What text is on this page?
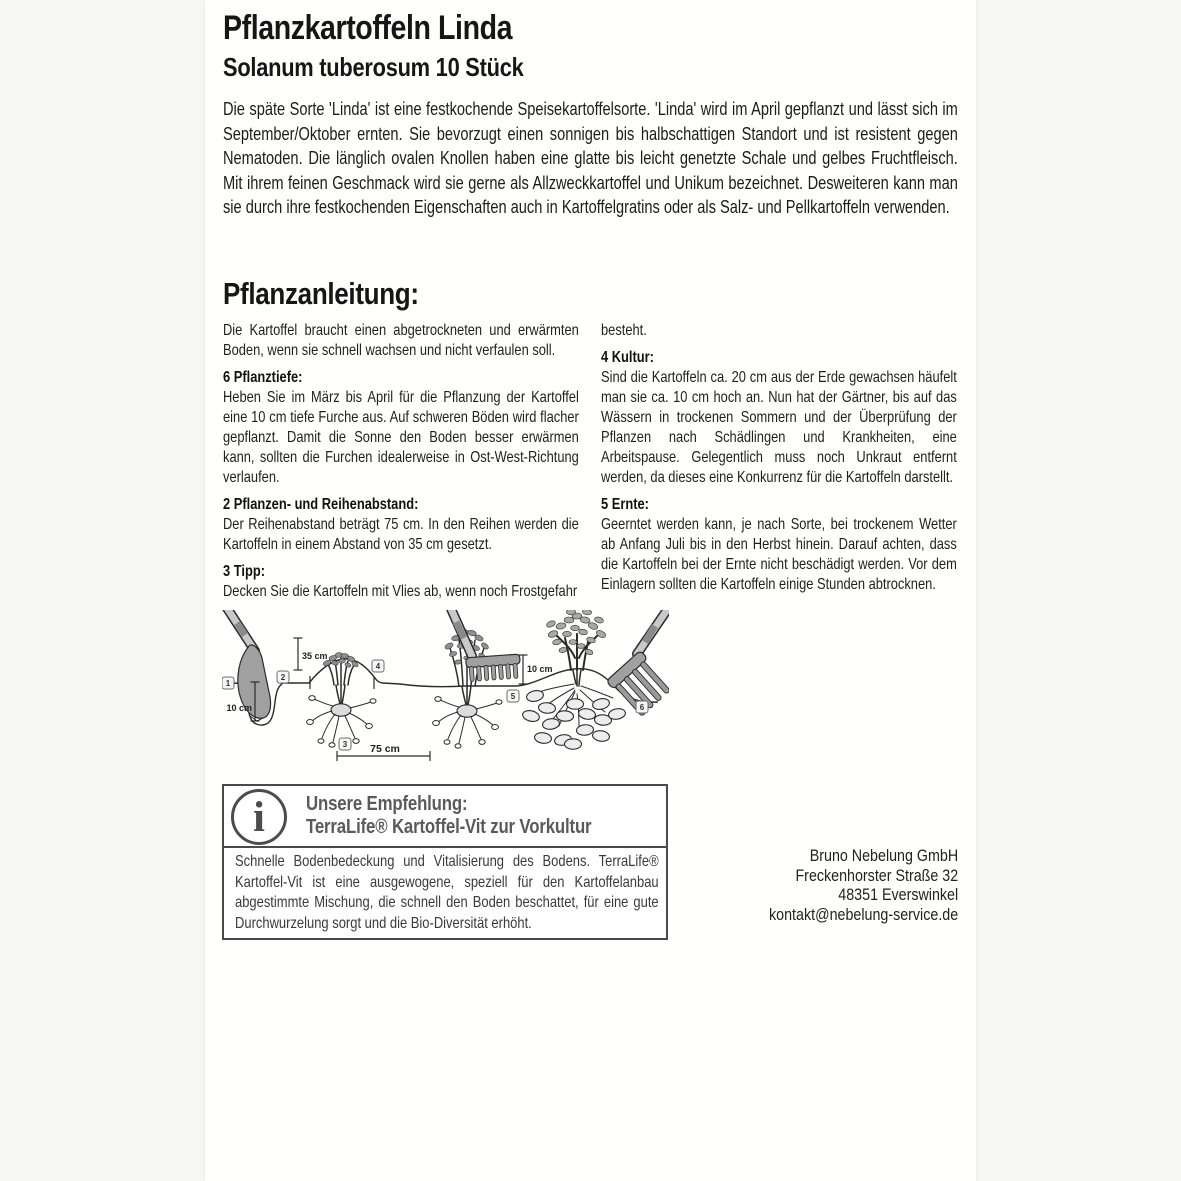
Pflanzkartoffeln Linda
Solanum tuberosum 10 Stück

Die späte Sorte 'Linda' ist eine festkochende Speisekartoffelsorte. 'Linda' wird im April gepflanzt und lässt sich im September/Oktober ernten. Sie bevorzugt einen sonnigen bis halbschattigen Standort und ist resistent gegen Nematoden. Die länglich ovalen Knollen haben eine glatte bis leicht genetzte Schale und gelbes Fruchtfleisch. Mit ihrem feinen Geschmack wird sie gerne als Allzweckkartoffel und Unikum bezeichnet. Desweiteren kann man sie durch ihre festkochenden Eigenschaften auch in Kartoffelgratins oder als Salz- und Pellkartoffeln verwenden.

Pflanzanleitung:

Die Kartoffel braucht einen abgetrockneten und erwärmten Boden, wenn sie schnell wachsen und nicht verfaulen soll.

6 Pflanztiefe:

Heben Sie im März bis April für die Pflanzung der Kartoffel eine 10 cm tiefe Furche aus. Auf schweren Böden wird flacher gepflanzt. Damit die Sonne den Boden besser erwärmen kann, sollten die Furchen idealerweise in Ost-West-Richtung verlaufen.

2 Pflanzen- und Reihenabstand:

Der Reihenabstand beträgt 75 cm. In den Reihen werden die Kartoffeln in einem Abstand von 35 cm gesetzt.

3 Tipp:

Decken Sie die Kartoffeln mit Vlies ab, wenn noch Frostgefahr

besteht.

4 Kultur:

Sind die Kartoffeln ca. 20 cm aus der Erde gewachsen häufelt man sie ca. 10 cm hoch an. Nun hat der Gärtner, bis auf das Wässern in trockenen Sommern und der Überprüfung der Pflanzen nach Schädlingen und Krankheiten, eine Arbeitspause. Gelegentlich muss noch Unkraut entfernt werden, da dieses eine Konkurrenz für die Kartoffeln darstellt.

5 Ernte:

Geerntet werden kann, je nach Sorte, bei trockenem Wetter ab Anfang Juli bis in den Herbst hinein. Darauf achten, dass die Kartoffeln bei der Ernte nicht beschädigt werden. Vor dem Einlagern sollten die Kartoffeln einige Stunden abtrocknen.

10 cm
35 cm
10 cm
75 cm
1
2
3
4
5
6
i Unsere Empfehlung:
TerraLife® Kartoffel-Vit zur Vorkultur

Schnelle Bodenbedeckung und Vitalisierung des Bodens. TerraLife® Kartoffel-Vit ist eine ausgewogene, speziell für den Kartoffelanbau abgestimmte Mischung, die schnell den Boden beschattet, für eine gute Durchwurzelung sorgt und die Bio-Diversität erhöht.

Bruno Nebelung GmbH
Freckenhorster Straße 32
48351 Everswinkel
kontakt@nebelung-service.de
